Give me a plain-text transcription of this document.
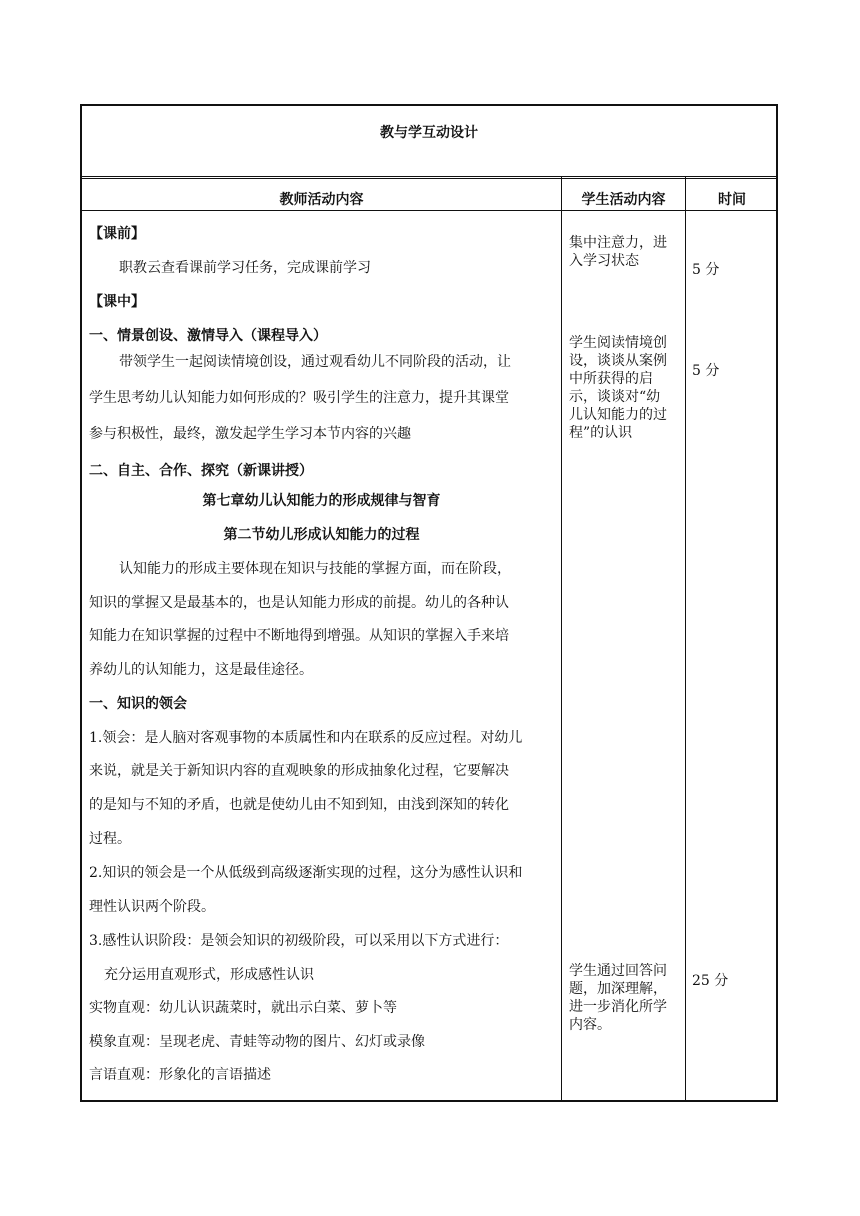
教与学互动设计
教师活动内容	学生活动内容	时间
【课前】
职教云查看课前学习任务，完成课前学习
【课中】
一、情景创设、激情导入（课程导入）
带领学生一起阅读情境创设，通过观看幼儿不同阶段的活动，让
学生思考幼儿认知能力如何形成的？吸引学生的注意力，提升其课堂
参与积极性，最终，激发起学生学习本节内容的兴趣
二、自主、合作、探究（新课讲授）
第七章幼儿认知能力的形成规律与智育
第二节幼儿形成认知能力的过程
认知能力的形成主要体现在知识与技能的掌握方面，而在阶段，
知识的掌握又是最基本的，也是认知能力形成的前提。幼儿的各种认
知能力在知识掌握的过程中不断地得到增强。从知识的掌握入手来培
养幼儿的认知能力，这是最佳途径。
一、知识的领会
1.领会：是人脑对客观事物的本质属性和内在联系的反应过程。对幼儿
来说，就是关于新知识内容的直观映象的形成抽象化过程，它要解决
的是知与不知的矛盾，也就是使幼儿由不知到知，由浅到深知的转化
过程。
2.知识的领会是一个从低级到高级逐渐实现的过程，这分为感性认识和
理性认识两个阶段。
3.感性认识阶段：是领会知识的初级阶段，可以采用以下方式进行：
充分运用直观形式，形成感性认识
实物直观：幼儿认识蔬菜时，就出示白菜、萝卜等
模象直观：呈现老虎、青蛙等动物的图片、幻灯或录像
言语直观：形象化的言语描述
集中注意力，进
入学习状态
学生阅读情境创
设，谈谈从案例
中所获得的启
示，谈谈对“幼
儿认知能力的过
程”的认识
学生通过回答问
题，加深理解，
进一步消化所学
内容。
5 分
5 分
25 分
